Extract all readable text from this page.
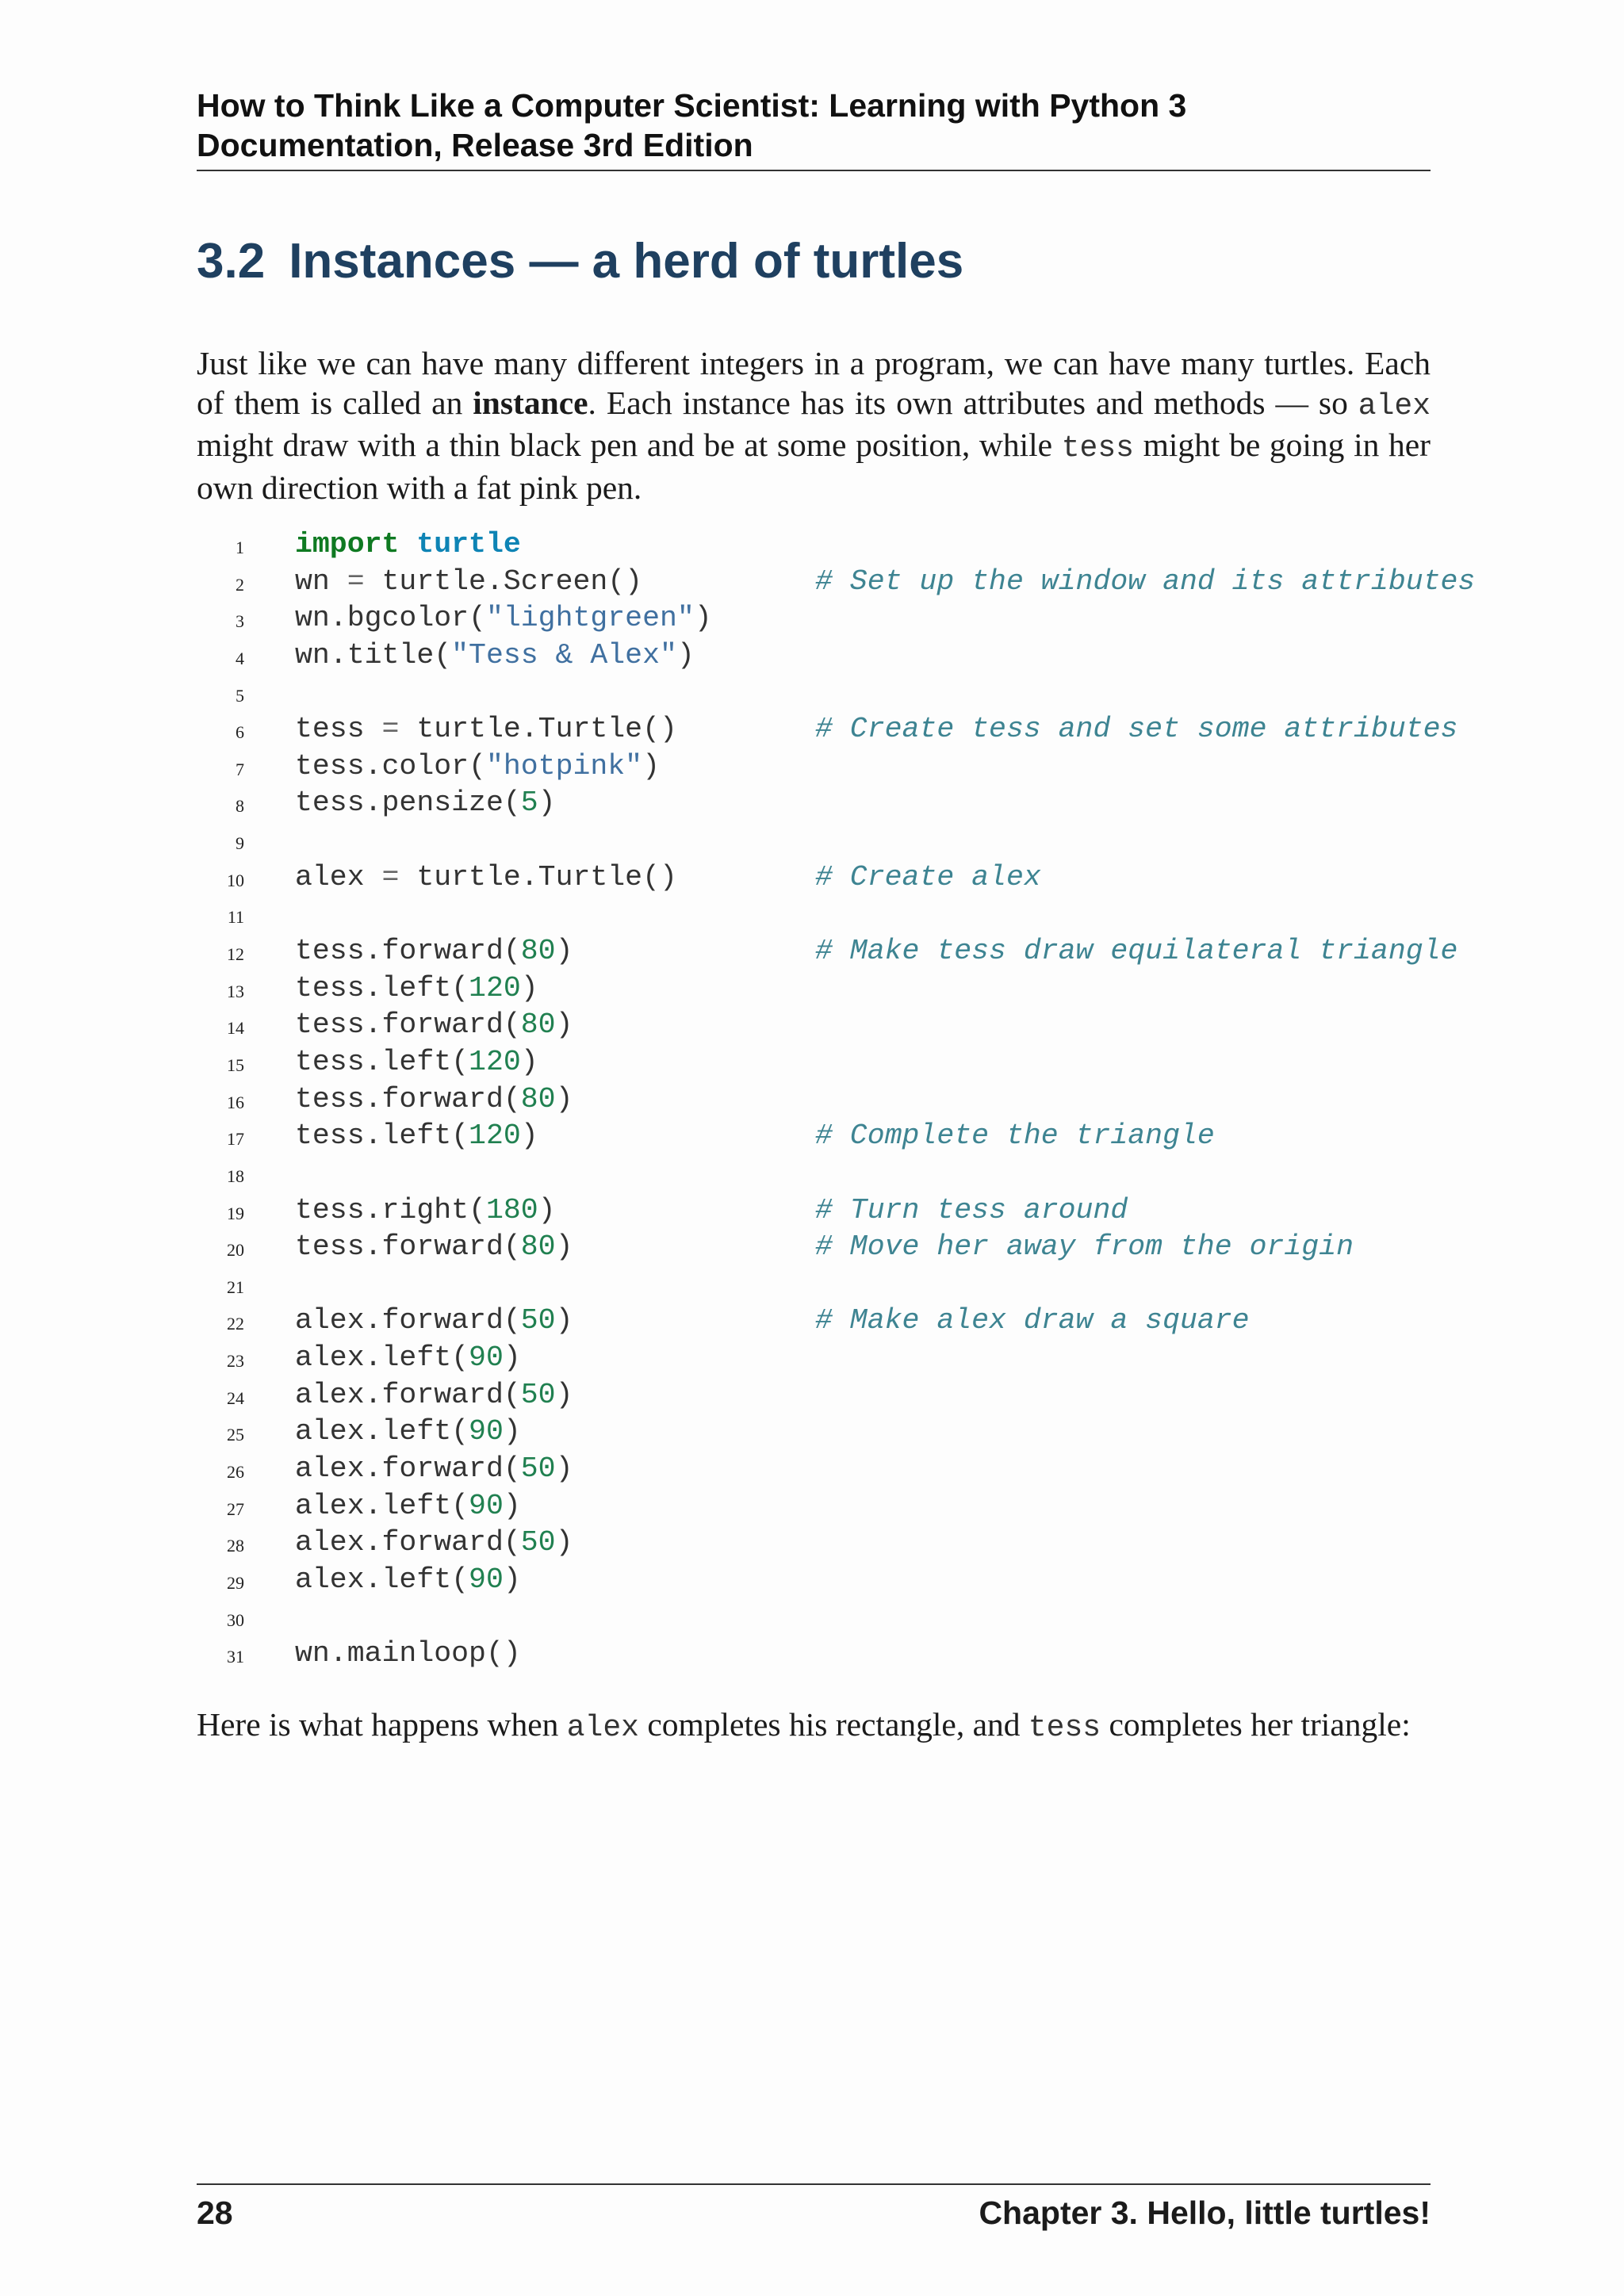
How to Think Like a Computer Scientist: Learning with Python 3
Documentation, Release 3rd Edition
3.2 Instances — a herd of turtles

Just like we can have many different integers in a program, we can have many turtles. Each of them is called an instance. Each instance has its own attributes and methods — so alex might draw with a thin black pen and be at some position, while tess might be going in her own direction with a fat pink pen.

1 import turtle
2 wn = turtle.Screen()	# Set up the window and its attributes
3 wn.bgcolor("lightgreen")
4 wn.title("Tess & Alex")
5
6 tess = turtle.Turtle()	# Create tess and set some attributes
7 tess.color("hotpink")
8 tess.pensize(5)
9
10 alex = turtle.Turtle()	# Create alex
11
12 tess.forward(80)	# Make tess draw equilateral triangle
13 tess.left(120)
14 tess.forward(80)
15 tess.left(120)
16 tess.forward(80)
17 tess.left(120)	# Complete the triangle
18
19 tess.right(180)	# Turn tess around
20 tess.forward(80)	# Move her away from the origin
21
22 alex.forward(50)	# Make alex draw a square
23 alex.left(90)
24 alex.forward(50)
25 alex.left(90)
26 alex.forward(50)
27 alex.left(90)
28 alex.forward(50)
29 alex.left(90)
30
31 wn.mainloop()

Here is what happens when alex completes his rectangle, and tess completes her triangle:

28	Chapter 3. Hello, little turtles!
